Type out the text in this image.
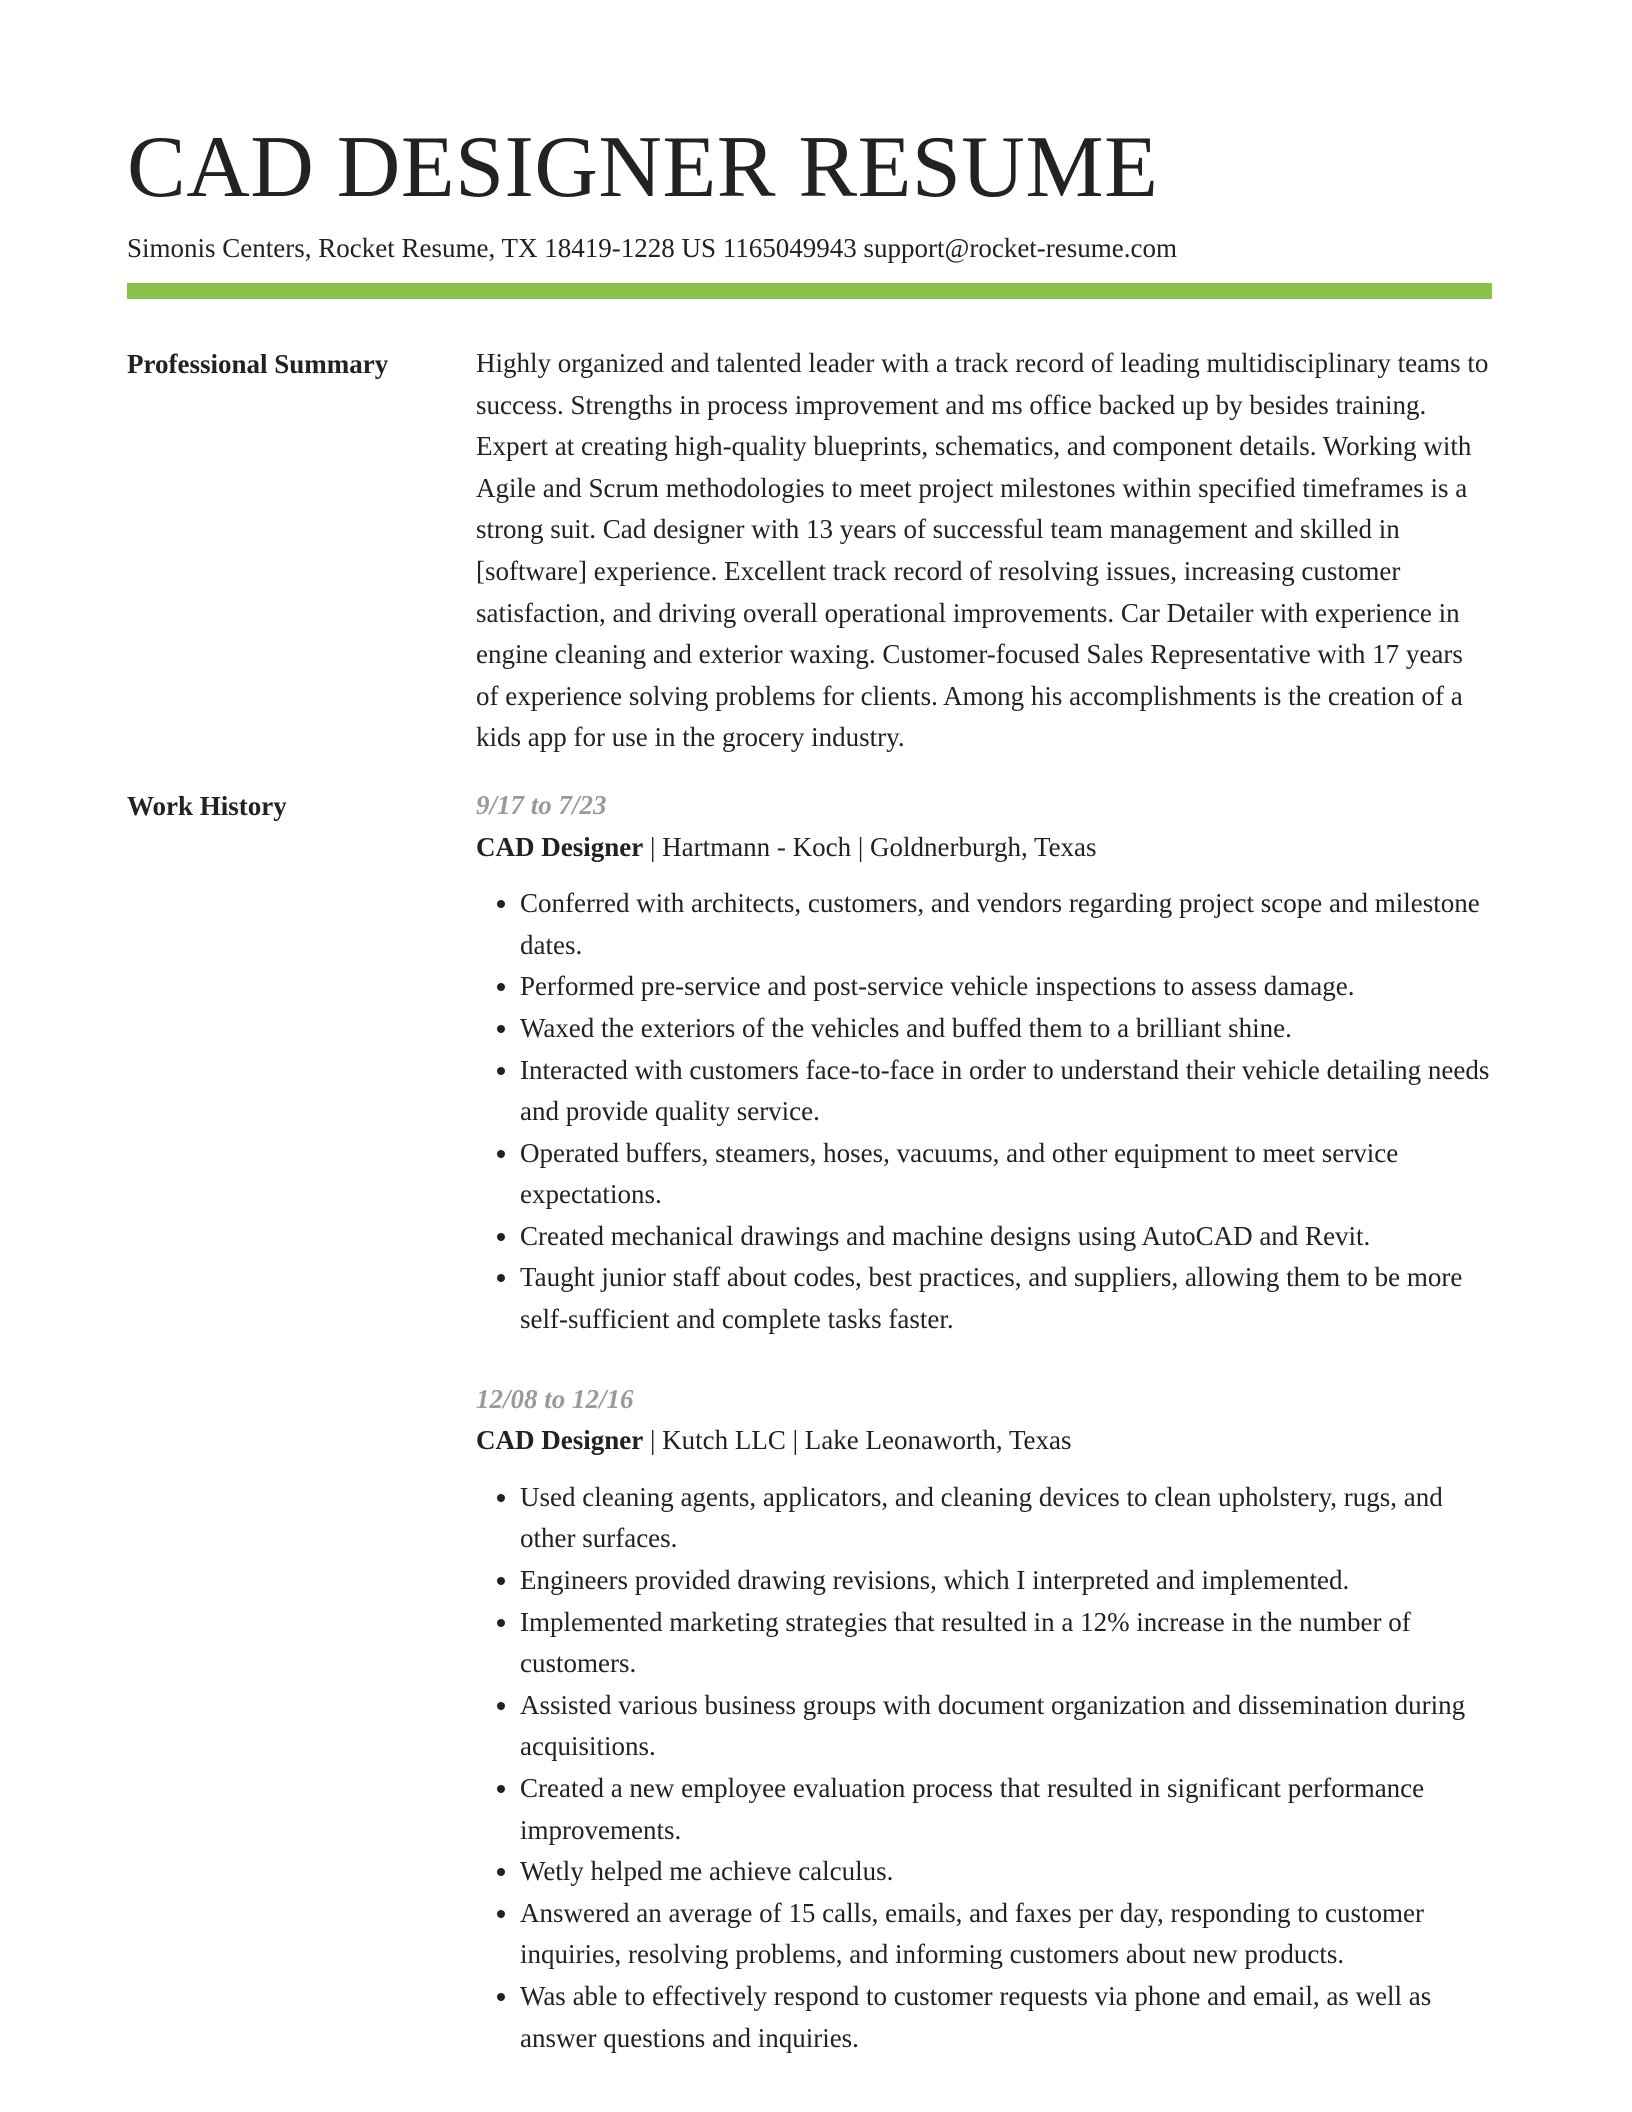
CAD DESIGNER RESUME
Simonis Centers, Rocket Resume, TX 18419-1228 US 1165049943 support@rocket-resume.com
Professional Summary	Highly organized and talented leader with a track record of leading multidisciplinary teams to success. Strengths in process improvement and ms office backed up by besides training. Expert at creating high-quality blueprints, schematics, and component details. Working with Agile and Scrum methodologies to meet project milestones within specified timeframes is a strong suit. Cad designer with 13 years of successful team management and skilled in [software] experience. Excellent track record of resolving issues, increasing customer satisfaction, and driving overall operational improvements. Car Detailer with experience in engine cleaning and exterior waxing. Customer-focused Sales Representative with 17 years of experience solving problems for clients. Among his accomplishments is the creation of a kids app for use in the grocery industry.

Work History	9/17 to 7/23
CAD Designer | Hartmann - Koch | Goldnerburgh, Texas
• Conferred with architects, customers, and vendors regarding project scope and milestone dates.
• Performed pre-service and post-service vehicle inspections to assess damage.
• Waxed the exteriors of the vehicles and buffed them to a brilliant shine.
• Interacted with customers face-to-face in order to understand their vehicle detailing needs and provide quality service.
• Operated buffers, steamers, hoses, vacuums, and other equipment to meet service expectations.
• Created mechanical drawings and machine designs using AutoCAD and Revit.
• Taught junior staff about codes, best practices, and suppliers, allowing them to be more self-sufficient and complete tasks faster.
12/08 to 12/16
CAD Designer | Kutch LLC | Lake Leonaworth, Texas
• Used cleaning agents, applicators, and cleaning devices to clean upholstery, rugs, and other surfaces.
• Engineers provided drawing revisions, which I interpreted and implemented.
• Implemented marketing strategies that resulted in a 12% increase in the number of customers.
• Assisted various business groups with document organization and dissemination during acquisitions.
• Created a new employee evaluation process that resulted in significant performance improvements.
• Wetly helped me achieve calculus.
• Answered an average of 15 calls, emails, and faxes per day, responding to customer inquiries, resolving problems, and informing customers about new products.
• Was able to effectively respond to customer requests via phone and email, as well as answer questions and inquiries.
